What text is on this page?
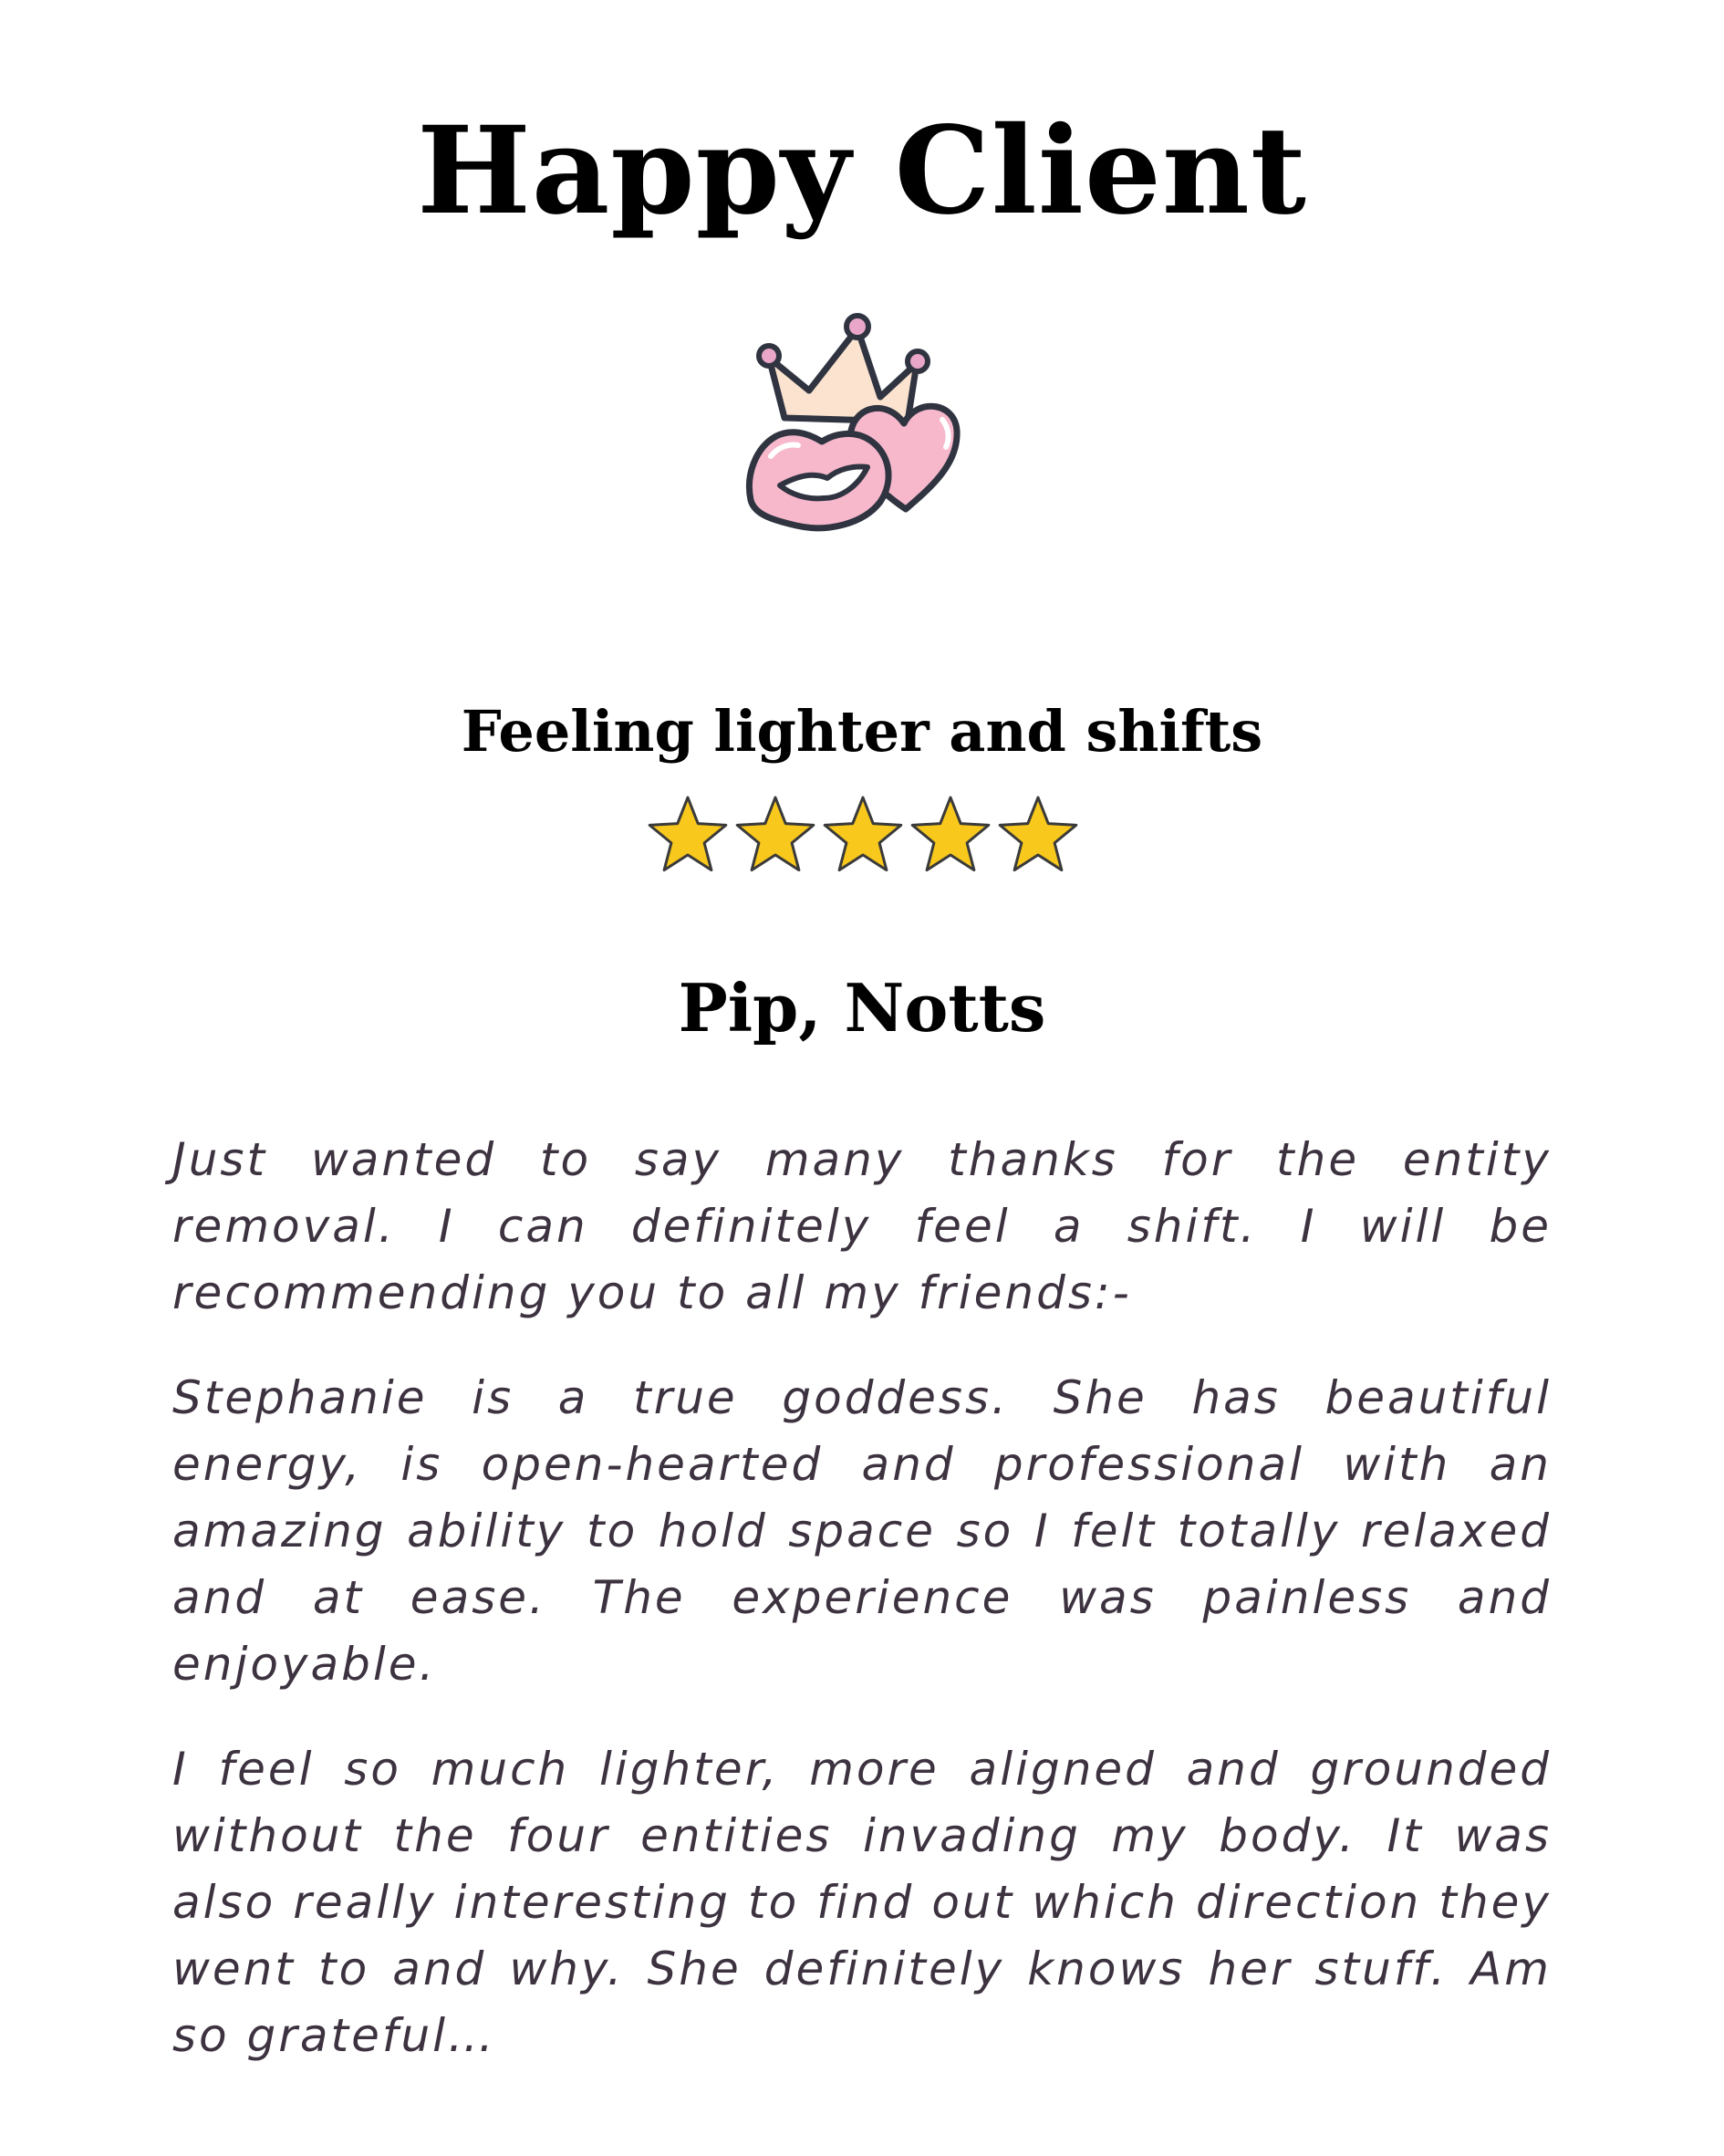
Happy Client
Feeling lighter and shifts
Pip, Notts

Just wanted to say many thanks for the entity removal. I can definitely feel a shift. I will be recommending you to all my friends:-

Stephanie is a true goddess. She has beautiful energy, is open-hearted and professional with an amazing ability to hold space so I felt totally relaxed and at ease. The experience was painless and enjoyable.

I feel so much lighter, more aligned and grounded without the four entities invading my body. It was also really interesting to find out which direction they went to and why. She definitely knows her stuff. Am so grateful…
